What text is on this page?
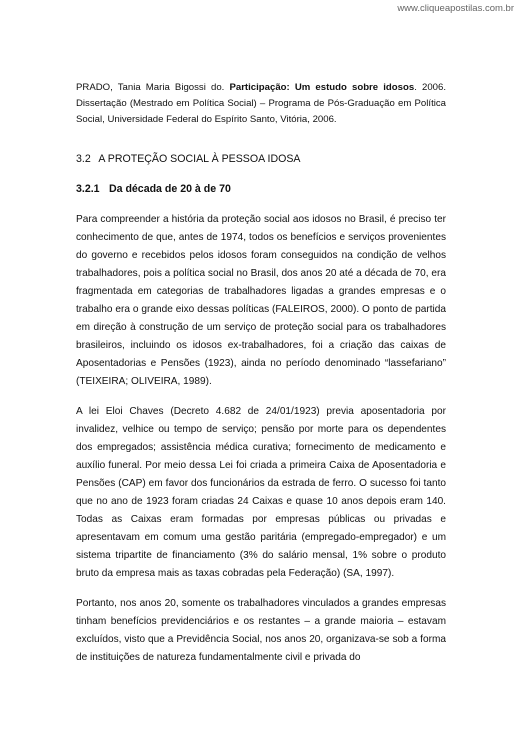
www.cliqueapostilas.com.br

PRADO, Tania Maria Bigossi do. Participação: Um estudo sobre idosos. 2006. Dissertação (Mestrado em Política Social) – Programa de Pós-Graduação em Política Social, Universidade Federal do Espírito Santo, Vitória, 2006.

3.2 A PROTEÇÃO SOCIAL À PESSOA IDOSA
3.2.1 Da década de 20 à de 70

Para compreender a história da proteção social aos idosos no Brasil, é preciso ter conhecimento de que, antes de 1974, todos os benefícios e serviços provenientes do governo e recebidos pelos idosos foram conseguidos na condição de velhos trabalhadores, pois a política social no Brasil, dos anos 20 até a década de 70, era fragmentada em categorias de trabalhadores ligadas a grandes empresas e o trabalho era o grande eixo dessas políticas (FALEIROS, 2000). O ponto de partida em direção à construção de um serviço de proteção social para os trabalhadores brasileiros, incluindo os idosos ex-trabalhadores, foi a criação das caixas de Aposentadorias e Pensões (1923), ainda no período denominado “lassefariano” (TEIXEIRA; OLIVEIRA, 1989).

A lei Eloi Chaves (Decreto 4.682 de 24/01/1923) previa aposentadoria por invalidez, velhice ou tempo de serviço; pensão por morte para os dependentes dos empregados; assistência médica curativa; fornecimento de medicamento e auxílio funeral. Por meio dessa Lei foi criada a primeira Caixa de Aposentadoria e Pensões (CAP) em favor dos funcionários da estrada de ferro. O sucesso foi tanto que no ano de 1923 foram criadas 24 Caixas e quase 10 anos depois eram 140. Todas as Caixas eram formadas por empresas públicas ou privadas e apresentavam em comum uma gestão paritária (empregado-empregador) e um sistema tripartite de financiamento (3% do salário mensal, 1% sobre o produto bruto da empresa mais as taxas cobradas pela Federação) (SA, 1997).

Portanto, nos anos 20, somente os trabalhadores vinculados a grandes empresas tinham benefícios previdenciários e os restantes – a grande maioria – estavam excluídos, visto que a Previdência Social, nos anos 20, organizava-se sob a forma de instituições de natureza fundamentalmente civil e privada do
